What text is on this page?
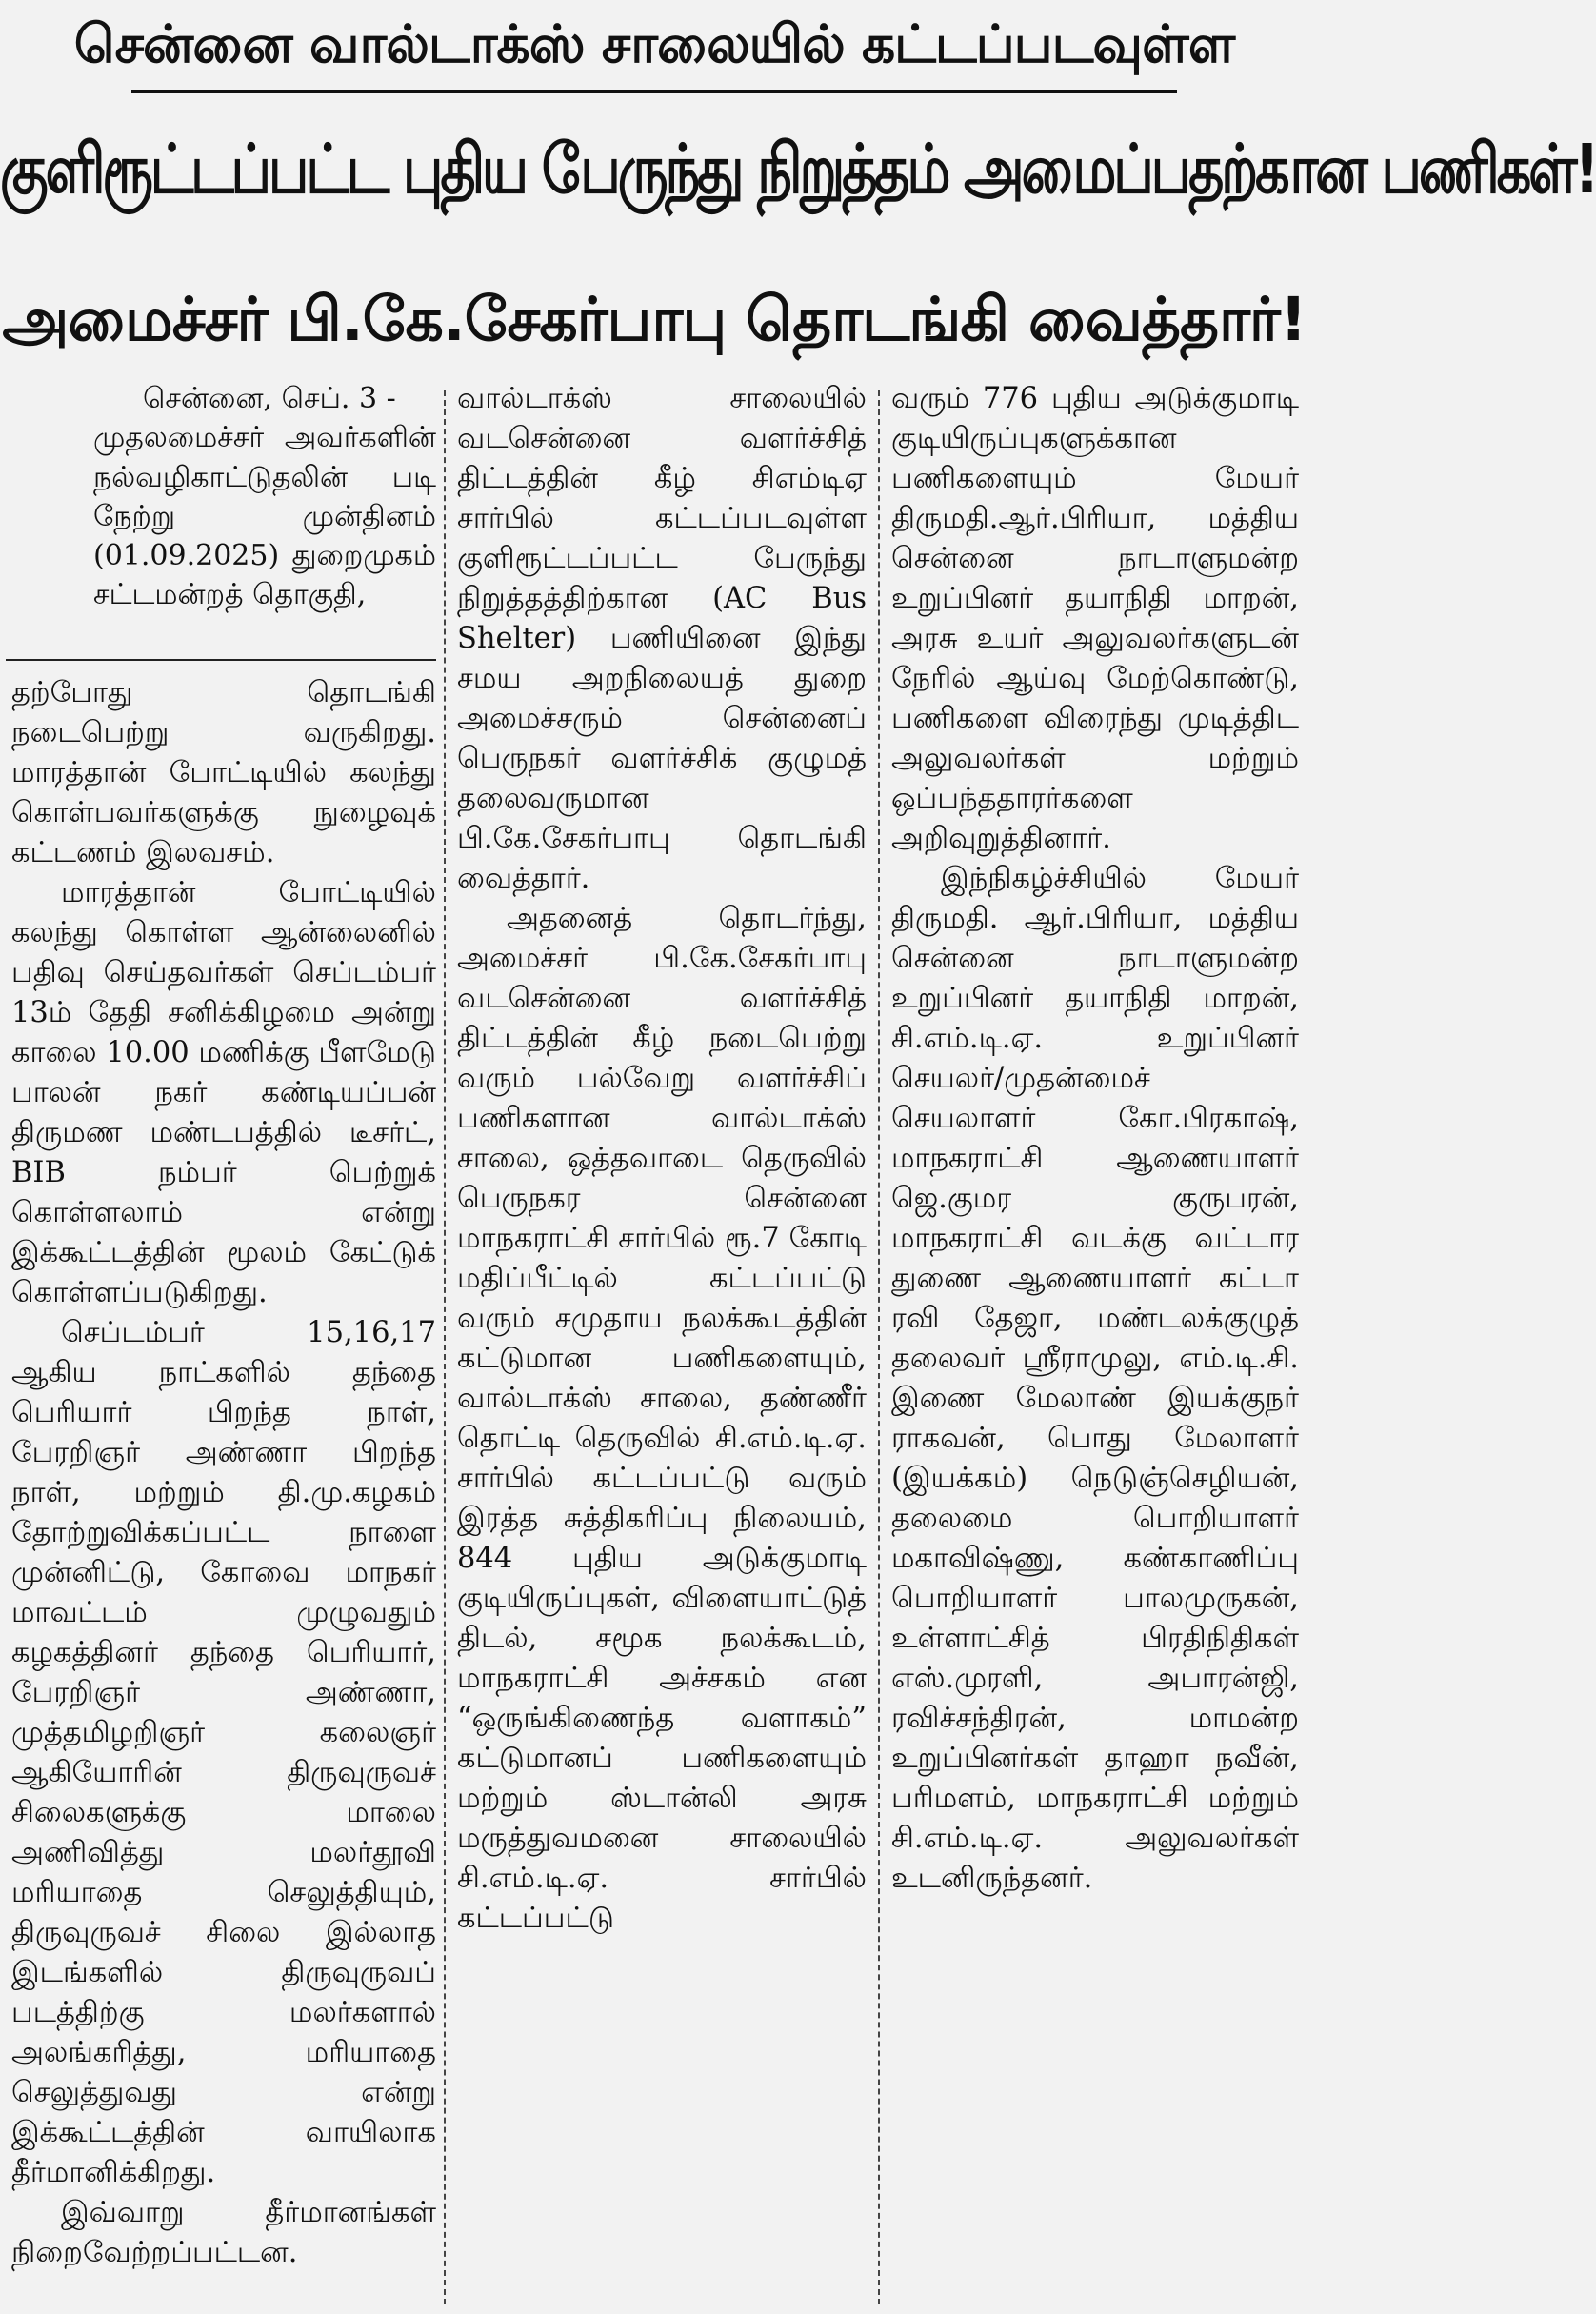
சென்னை வால்டாக்ஸ் சாலையில் கட்டப்படவுள்ள
குளிரூட்டப்பட்ட புதிய பேருந்து நிறுத்தம் அமைப்பதற்கான பணிகள்!
அமைச்சர் பி.கே.சேகர்பாபு தொடங்கி வைத்தார்!

சென்னை, செப். 3 -

முதலமைச்சர் அவர்களின் நல்வழிகாட்டுதலின் படி நேற்று முன்தினம் (01.09.2025) துறைமுகம் சட்டமன்றத் தொகுதி,

தற்போது தொடங்கி நடைபெற்று வருகிறது. மாரத்தான் போட்டியில் கலந்து கொள்பவர்களுக்கு நுழைவுக் கட்டணம் இலவசம்.

மாரத்தான் போட்டியில் கலந்து கொள்ள ஆன்லைனில் பதிவு செய்தவர்கள் செப்டம்பர் 13ம் தேதி சனிக்கிழமை அன்று காலை 10.00 மணிக்கு பீளமேடு பாலன் நகர் கண்டியப்பன் திருமண மண்டபத்தில் டீசர்ட், BIB நம்பர் பெற்றுக் கொள்ளலாம் என்று இக்கூட்டத்தின் மூலம் கேட்டுக் கொள்ளப்படுகிறது.

செப்டம்பர் 15,16,17 ஆகிய நாட்களில் தந்தை பெரியார் பிறந்த நாள், பேரறிஞர் அண்ணா பிறந்த நாள், மற்றும் தி.மு.கழகம் தோற்றுவிக்கப்பட்ட நாளை முன்னிட்டு, கோவை மாநகர் மாவட்டம் முழுவதும் கழகத்தினர் தந்தை பெரியார், பேரறிஞர் அண்ணா, முத்தமிழறிஞர் கலைஞர் ஆகியோரின் திருவுருவச் சிலைகளுக்கு மாலை அணிவித்து மலர்தூவி மரியாதை செலுத்தியும், திருவுருவச் சிலை இல்லாத இடங்களில் திருவுருவப் படத்திற்கு மலர்களால் அலங்கரித்து, மரியாதை செலுத்துவது என்று இக்கூட்டத்தின் வாயிலாக தீர்மானிக்கிறது.

இவ்வாறு தீர்மானங்கள் நிறைவேற்றப்பட்டன.

வால்டாக்ஸ் சாலையில் வடசென்னை வளர்ச்சித் திட்டத்தின் கீழ் சிஎம்டிஏ சார்பில் கட்டப்படவுள்ள குளிரூட்டப்பட்ட பேருந்து நிறுத்தத்திற்கான (AC Bus Shelter) பணியினை இந்து சமய அறநிலையத் துறை அமைச்சரும் சென்னைப் பெருநகர் வளர்ச்சிக் குழுமத் தலைவருமான பி.கே.சேகர்பாபு தொடங்கி வைத்தார்.

அதனைத் தொடர்ந்து, அமைச்சர் பி.கே.சேகர்பாபு வடசென்னை வளர்ச்சித் திட்டத்தின் கீழ் நடைபெற்று வரும் பல்வேறு வளர்ச்சிப் பணிகளான வால்டாக்ஸ் சாலை, ஒத்தவாடை தெருவில் பெருநகர சென்னை மாநகராட்சி சார்பில் ரூ.7 கோடி மதிப்பீட்டில் கட்டப்பட்டு வரும் சமுதாய நலக்கூடத்தின் கட்டுமான பணிகளையும், வால்டாக்ஸ் சாலை, தண்ணீர் தொட்டி தெருவில் சி.எம்.டி.ஏ. சார்பில் கட்டப்பட்டு வரும் இரத்த சுத்திகரிப்பு நிலையம், 844 புதிய அடுக்குமாடி குடியிருப்புகள், விளையாட்டுத் திடல், சமூக நலக்கூடம், மாநகராட்சி அச்சகம் என “ஒருங்கிணைந்த வளாகம்” கட்டுமானப் பணிகளையும் மற்றும் ஸ்டான்லி அரசு மருத்துவமனை சாலையில் சி.எம்.டி.ஏ. சார்பில் கட்டப்பட்டு

வரும் 776 புதிய அடுக்குமாடி குடியிருப்புகளுக்கான பணிகளையும் மேயர் திருமதி.ஆர்.பிரியா, மத்திய சென்னை நாடாளுமன்ற உறுப்பினர் தயாநிதி மாறன், அரசு உயர் அலுவலர்களுடன் நேரில் ஆய்வு மேற்கொண்டு, பணிகளை விரைந்து முடித்திட அலுவலர்கள் மற்றும் ஒப்பந்ததாரர்களை அறிவுறுத்தினார்.

இந்நிகழ்ச்சியில் மேயர் திருமதி. ஆர்.பிரியா, மத்திய சென்னை நாடாளுமன்ற உறுப்பினர் தயாநிதி மாறன், சி.எம்.டி.ஏ. உறுப்பினர் செயலர்/முதன்மைச் செயலாளர் கோ.பிரகாஷ், மாநகராட்சி ஆணையாளர் ஜெ.குமர குருபரன், மாநகராட்சி வடக்கு வட்டார துணை ஆணையாளர் கட்டா ரவி தேஜா, மண்டலக்குழுத் தலைவர் ஸ்ரீராமுலு, எம்.டி.சி. இணை மேலாண் இயக்குநர் ராகவன், பொது மேலாளர் (இயக்கம்) நெடுஞ்செழியன், தலைமை பொறியாளர் மகாவிஷ்ணு, கண்காணிப்பு பொறியாளர் பாலமுருகன், உள்ளாட்சித் பிரதிநிதிகள் எஸ்.முரளி, அபாரன்ஜி, ரவிச்சந்திரன், மாமன்ற உறுப்பினர்கள் தாஹா நவீன், பரிமளம், மாநகராட்சி மற்றும் சி.எம்.டி.ஏ. அலுவலர்கள் உடனிருந்தனர்.
